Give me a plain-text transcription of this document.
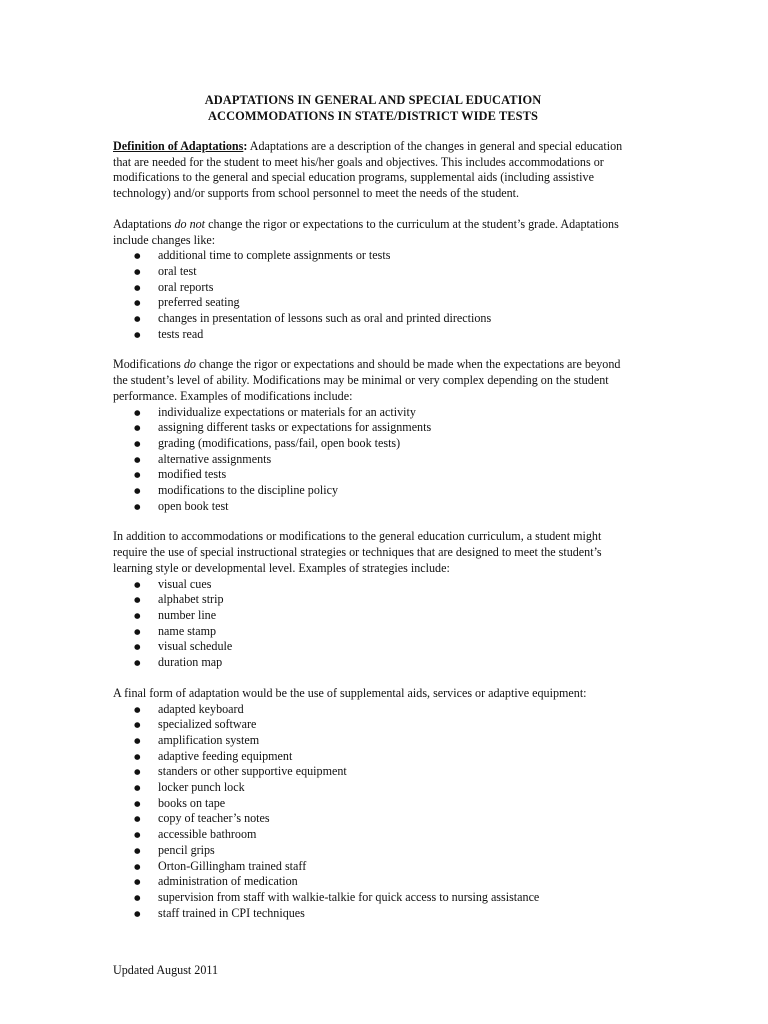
ADAPTATIONS IN GENERAL AND SPECIAL EDUCATION
ACCOMMODATIONS IN STATE/DISTRICT WIDE TESTS

Definition of Adaptations: Adaptations are a description of the changes in general and special education that are needed for the student to meet his/her goals and objectives. This includes accommodations or modifications to the general and special education programs, supplemental aids (including assistive technology) and/or supports from school personnel to meet the needs of the student.

Adaptations do not change the rigor or expectations to the curriculum at the student’s grade. Adaptations include changes like:

● additional time to complete assignments or tests
● oral test
● oral reports
● preferred seating
● changes in presentation of lessons such as oral and printed directions
● tests read

Modifications do change the rigor or expectations and should be made when the expectations are beyond the student’s level of ability. Modifications may be minimal or very complex depending on the student performance. Examples of modifications include:

● individualize expectations or materials for an activity
● assigning different tasks or expectations for assignments
● grading (modifications, pass/fail, open book tests)
● alternative assignments
● modified tests
● modifications to the discipline policy
● open book test

In addition to accommodations or modifications to the general education curriculum, a student might require the use of special instructional strategies or techniques that are designed to meet the student’s learning style or developmental level. Examples of strategies include:

● visual cues
● alphabet strip
● number line
● name stamp
● visual schedule
● duration map

A final form of adaptation would be the use of supplemental aids, services or adaptive equipment:

● adapted keyboard
● specialized software
● amplification system
● adaptive feeding equipment
● standers or other supportive equipment
● locker punch lock
● books on tape
● copy of teacher’s notes
● accessible bathroom
● pencil grips
● Orton-Gillingham trained staff
● administration of medication
● supervision from staff with walkie-talkie for quick access to nursing assistance
● staff trained in CPI techniques
Updated August 2011
